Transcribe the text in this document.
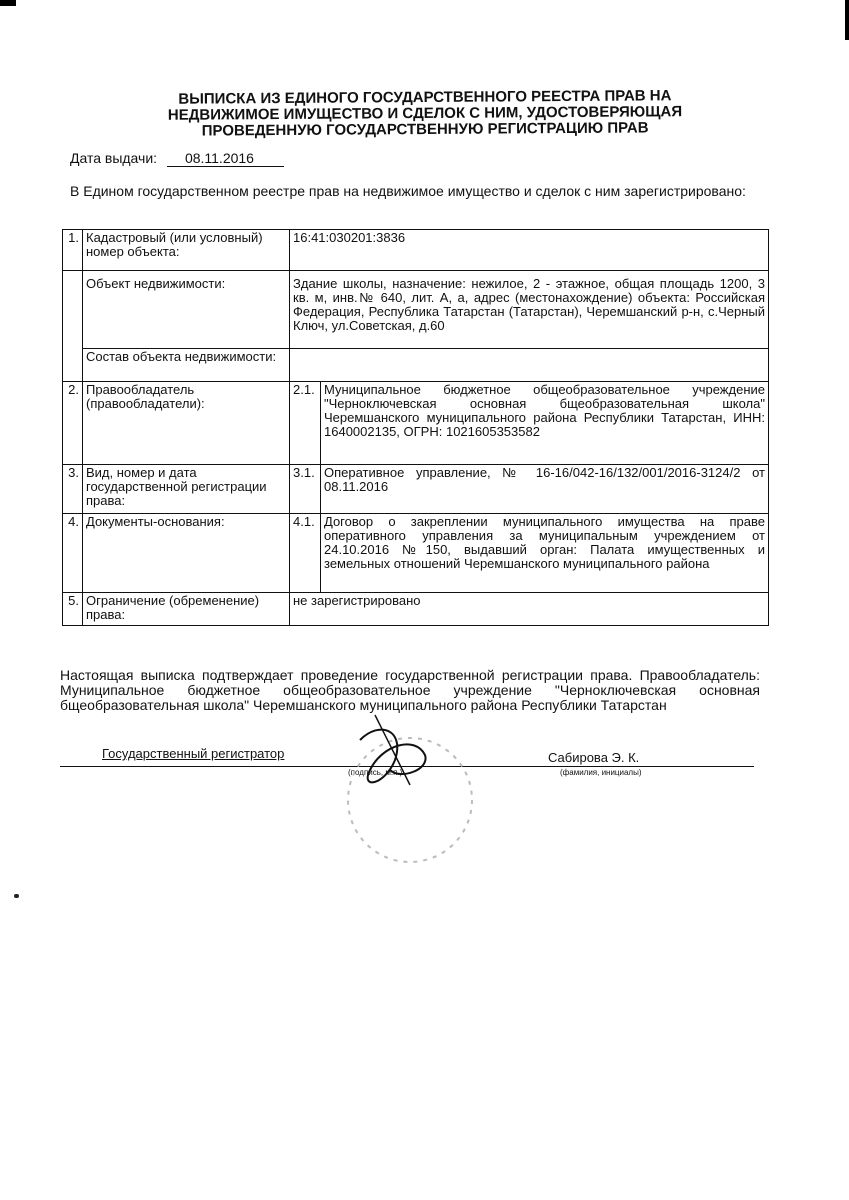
ВЫПИСКА ИЗ ЕДИНОГО ГОСУДАРСТВЕННОГО РЕЕСТРА ПРАВ НА
НЕДВИЖИМОЕ ИМУЩЕСТВО И СДЕЛОК С НИМ, УДОСТОВЕРЯЮЩАЯ
ПРОВЕДЕННУЮ ГОСУДАРСТВЕННУЮ РЕГИСТРАЦИЮ ПРАВ
Дата выдачи: 08.11.2016
В Едином государственном реестре прав на недвижимое имущество и сделок с ним зарегистрировано:
1.	Кадастровый (или условный) номер объекта:	16:41:030201:3836	
	Объект недвижимости:	Здание школы, назначение: нежилое, 2 - этажное, общая площадь 1200, 3 кв. м, инв.№ 640, лит. А, а, адрес (местонахождение) объекта: Российская Федерация, Республика Татарстан (Татарстан), Черемшанский р-н, с.Черный Ключ, ул.Советская, д.60	
	Состав объекта недвижимости:		
2.	Правообладатель (правообладатели):	2.1.	Муниципальное бюджетное общеобразовательное учреждение "Черноключевская основная бщеобразовательная школа" Черемшанского муниципального района Республики Татарстан, ИНН: 1640002135, ОГРН: 1021605353582
3.	Вид, номер и дата государственной регистрации права:	3.1.	Оперативное управление, № 16-16/042-16/132/001/2016-3124/2 от 08.11.2016
4.	Документы-основания:	4.1.	Договор о закреплении муниципального имущества на праве оперативного управления за муниципальным учреждением от 24.10.2016 №150, выдавший орган: Палата имущественных и земельных отношений Черемшанского муниципального района
5.	Ограничение (обременение) права:	не зарегистрировано	
Настоящая выписка подтверждает проведение государственной регистрации права. Правообладатель: Муниципальное бюджетное общеобразовательное учреждение "Черноключевская основная бщеобразовательная школа" Черемшанского муниципального района Республики Татарстан
Государственный регистратор	Сабирова Э. К.
(подпись, м.п.)	(фамилия, инициалы)
